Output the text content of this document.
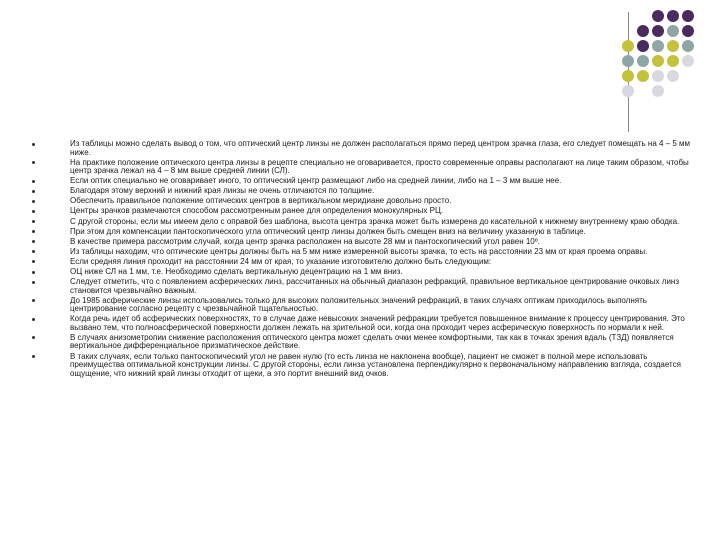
Из таблицы можно сделать вывод о том, что оптический центр линзы не должен располагаться прямо перед центром зрачка глаза, его следует помещать на 4 – 5 мм ниже.
На практике положение оптического центра линзы в рецепте специально не оговаривается, просто современные оправы располагают на лице таким образом, чтобы центр зрачка лежал на 4 – 8 мм выше средней линии (СЛ).
Если оптик специально не оговаривает иного, то оптический центр размещают либо на средней линии, либо на 1 – 3 мм выше нее.
Благодаря этому верхний и нижний края линзы не очень отличаются по толщине.
Обеспечить правильное положение оптических центров в вертикальном меридиане довольно просто.
Центры зрачков размечаются способом рассмотренным ранее для определения монокулярных РЦ.
С другой стороны, если мы имеем дело с оправой без шаблона, высота центра зрачка может быть измерена до касательной к нижнему внутреннему краю ободка.
При этом для компенсации пантоскопического угла оптический центр линзы должен быть смещен вниз на величину указанную в таблице.
В качестве примера рассмотрим случай, когда центр зрачка расположен на высоте 28 мм и пантоскопический угол равен 10º.
Из таблицы находим, что оптические центры должны быть на 5 мм ниже измеренной высоты зрачка, то есть на расстоянии 23 мм от края проема оправы.
Если средняя линия проходит на расстоянии 24 мм от края, то указание изготовителю должно быть следующим:
ОЦ ниже СЛ на 1 мм, т.е. Необходимо сделать вертикальную децентрацию на 1 мм вниз.
Следует отметить, что с появлением асферических линз, рассчитанных на обычный диапазон рефракций, правильное вертикальное центрирование очковых линз становится чрезвычайно важным.
До 1985 асферические линзы использовались только для высоких положительных значений рефракций, в таких случаях оптикам приходилось выполнять центрирование согласно рецепту с чрезвычайной тщательностью.
Когда речь идет об асферических поверхностях, то в случае даже невысоких значений рефракции требуется повышенное внимание к процессу центрирования. Это вызвано тем, что полноасферической поверхности должен лежать на зрительной оси, когда она проходит через асферическую поверхность по нормали к ней.
В случаях анизометропии снижение расположения оптического центра может сделать очки менее комфортными, так как в точках зрения вдаль (ТЗД) появляется вертикальное дифференциальное призматическое действие.
В таких случаях, если только пантоскопический угол не равен нулю (то есть линза не наклонена вообще), пациент не сможет в полной мере использовать преимущества оптимальной конструкции линзы. С другой стороны, если линза установлена перпендикулярно к первоначальному направлению взгляда, создается ощущение, что нижний край линзы отходит от щеки, а это портит внешний вид очков.
